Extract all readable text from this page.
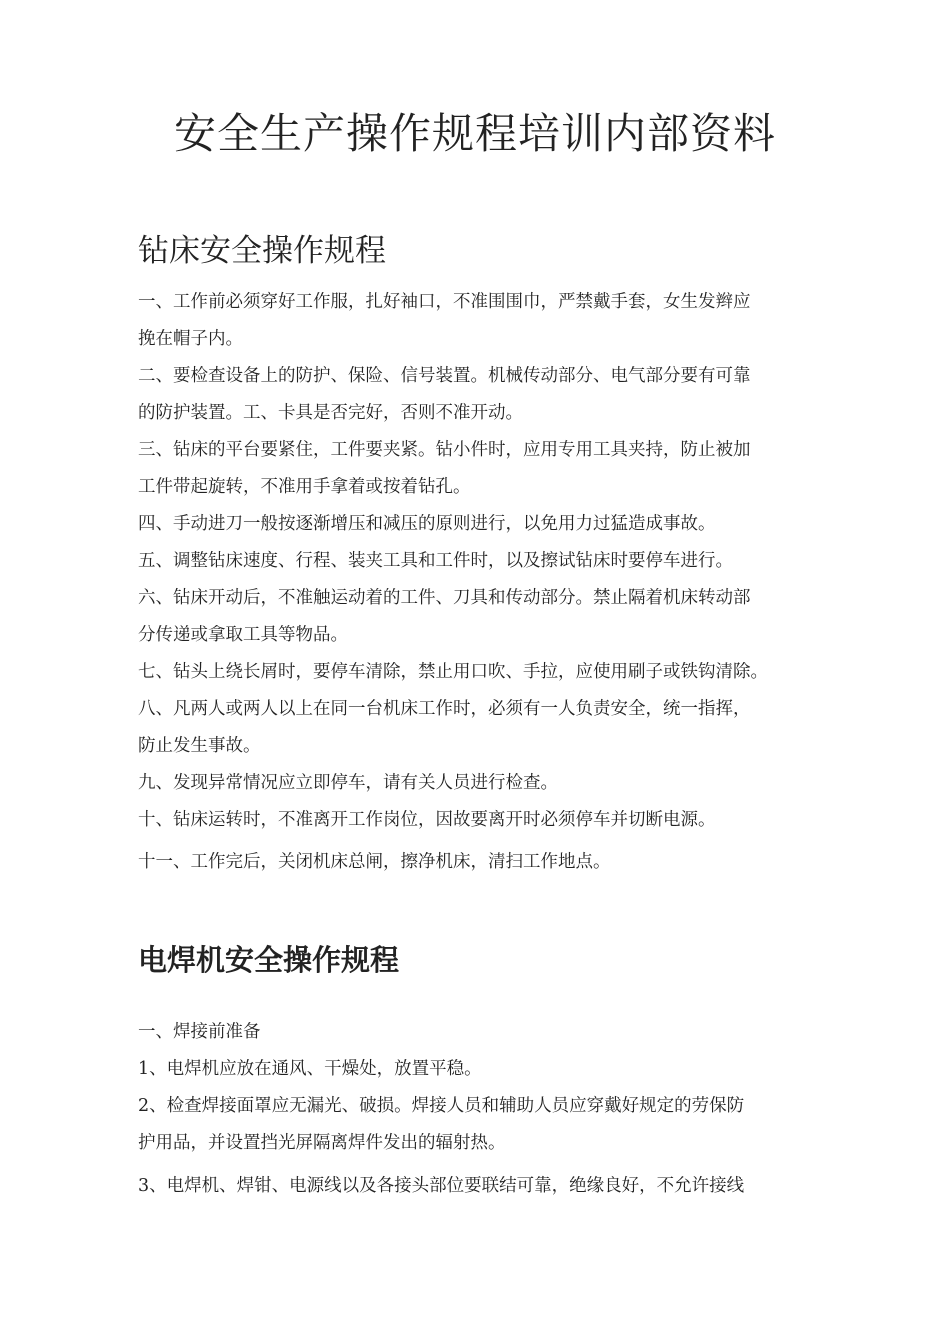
安全生产操作规程培训内部资料
钻床安全操作规程

一、工作前必须穿好工作服，扎好袖口，不准围围巾，严禁戴手套，女生发辫应
挽在帽子内。

二、要检查设备上的防护、保险、信号装置。机械传动部分、电气部分要有可靠
的防护装置。工、卡具是否完好，否则不准开动。

三、钻床的平台要紧住，工件要夹紧。钻小件时，应用专用工具夹持，防止被加
工件带起旋转，不准用手拿着或按着钻孔。

四、手动进刀一般按逐渐增压和减压的原则进行，以免用力过猛造成事故。

五、调整钻床速度、行程、装夹工具和工件时，以及擦试钻床时要停车进行。

六、钻床开动后，不准触运动着的工件、刀具和传动部分。禁止隔着机床转动部
分传递或拿取工具等物品。

七、钻头上绕长屑时，要停车清除，禁止用口吹、手拉，应使用刷子或铁钩清除。

八、凡两人或两人以上在同一台机床工作时，必须有一人负责安全，统一指挥，
防止发生事故。

九、发现异常情况应立即停车，请有关人员进行检查。

十、钻床运转时，不准离开工作岗位，因故要离开时必须停车并切断电源。

十一、工作完后，关闭机床总闸，擦净机床，清扫工作地点。

电焊机安全操作规程

一、焊接前准备

1、电焊机应放在通风、干燥处，放置平稳。

2、检查焊接面罩应无漏光、破损。焊接人员和辅助人员应穿戴好规定的劳保防
护用品，并设置挡光屏隔离焊件发出的辐射热。

3、电焊机、焊钳、电源线以及各接头部位要联结可靠，绝缘良好，不允许接线
